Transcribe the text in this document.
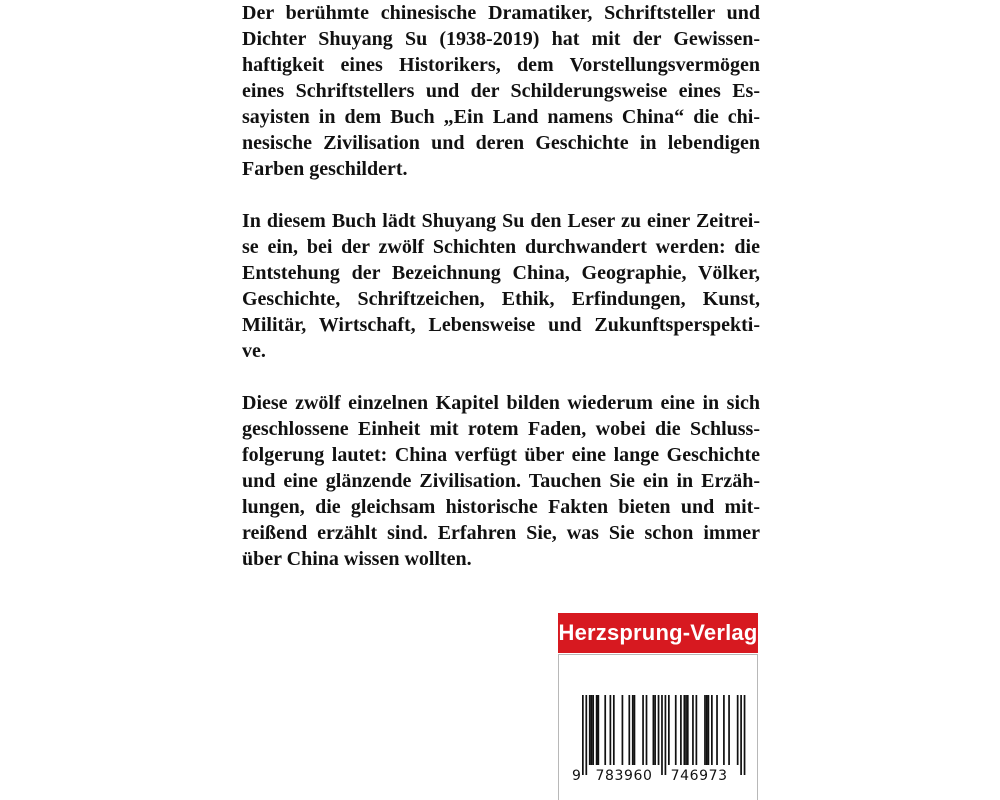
Der berühmte chinesische Dramatiker, Schriftsteller und
Dichter Shuyang Su (1938-2019) hat mit der Gewissen-
haftigkeit eines Historikers, dem Vorstellungsvermögen
eines Schriftstellers und der Schilderungsweise eines Es-
sayisten in dem Buch „Ein Land namens China“ die chi-
nesische Zivilisation und deren Geschichte in lebendigen
Farben geschildert.
In diesem Buch lädt Shuyang Su den Leser zu einer Zeitrei-
se ein, bei der zwölf Schichten durchwandert werden: die
Entstehung der Bezeichnung China, Geographie, Völker,
Geschichte, Schriftzeichen, Ethik, Erfindungen, Kunst,
Militär, Wirtschaft, Lebensweise und Zukunftsperspekti-
ve.
Diese zwölf einzelnen Kapitel bilden wiederum eine in sich
geschlossene Einheit mit rotem Faden, wobei die Schluss-
folgerung lautet: China verfügt über eine lange Geschichte
und eine glänzende Zivilisation. Tauchen Sie ein in Erzäh-
lungen, die gleichsam historische Fakten bieten und mit-
reißend erzählt sind. Erfahren Sie, was Sie schon immer
über China wissen wollten.
Herzsprung-Verlag
9 783960 746973
